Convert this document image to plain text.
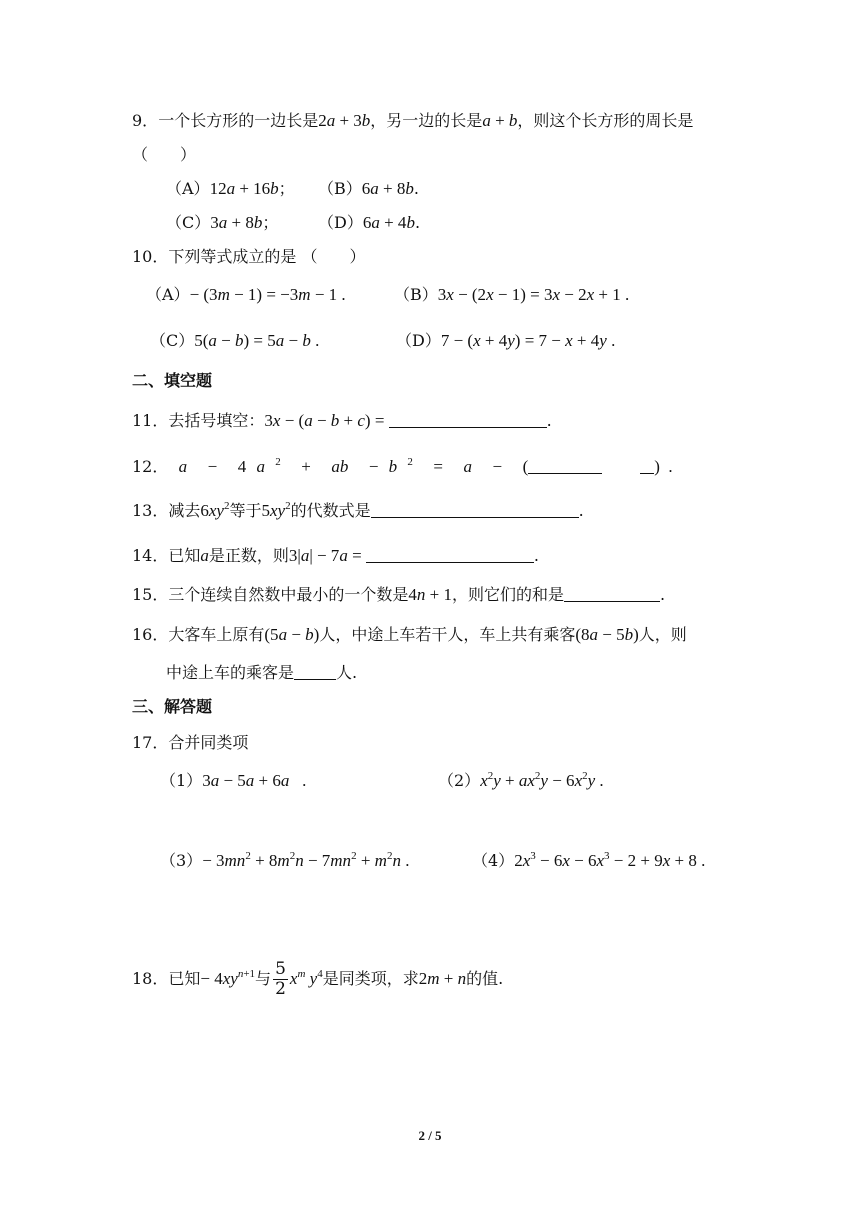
9．一个长方形的一边长是2a + 3b，另一边的长是a + b，则这个长方形的周长是
（　　）
（A）12a + 16b； （B）6a + 8b.
（C）3a + 8b； （D）6a + 4b.
10．下列等式成立的是 （　　）
（A）− (3m − 1) = −3m − 1 .	（B）3x − (2x − 1) = 3x − 2x + 1 .
（C）5(a − b) = 5a − b .	（D）7 − (x + 4y) = 7 − x + 4y .
二、填空题
11．去括号填空：3x − (a − b + c) =	.
12． a  −  4 a $^2$  +  ab  − b $^2$  =  a  −  (	)  .
13．减去$6xy^2$等于$5xy^2$的代数式是	.
14．已知a是正数，则3|a| − 7a =	.
15．三个连续自然数中最小的一个数是4n + 1，则它们的和是	.
16．大客车上原有(5a − b)人，中途上车若干人，车上共有乘客(8a − 5b)人，则
中途上车的乘客是	人.
三、解答题
17．合并同类项
（1）3a − 5a + 6a   .	$(2)x^2y + ax^2y - 6x^2y$ .
$(3)- 3mn^2 + 8m^2n - 7mn^2 + m^2n$ .	$(4)2x^3 - 6x - 6x^3 - 2 + 9x + 8$ .
18．已知− $4xy^{n+1}$与 $\frac{5}{2} x^m$ $y^4$是同类项，求2m + n的值.
2 / 5
